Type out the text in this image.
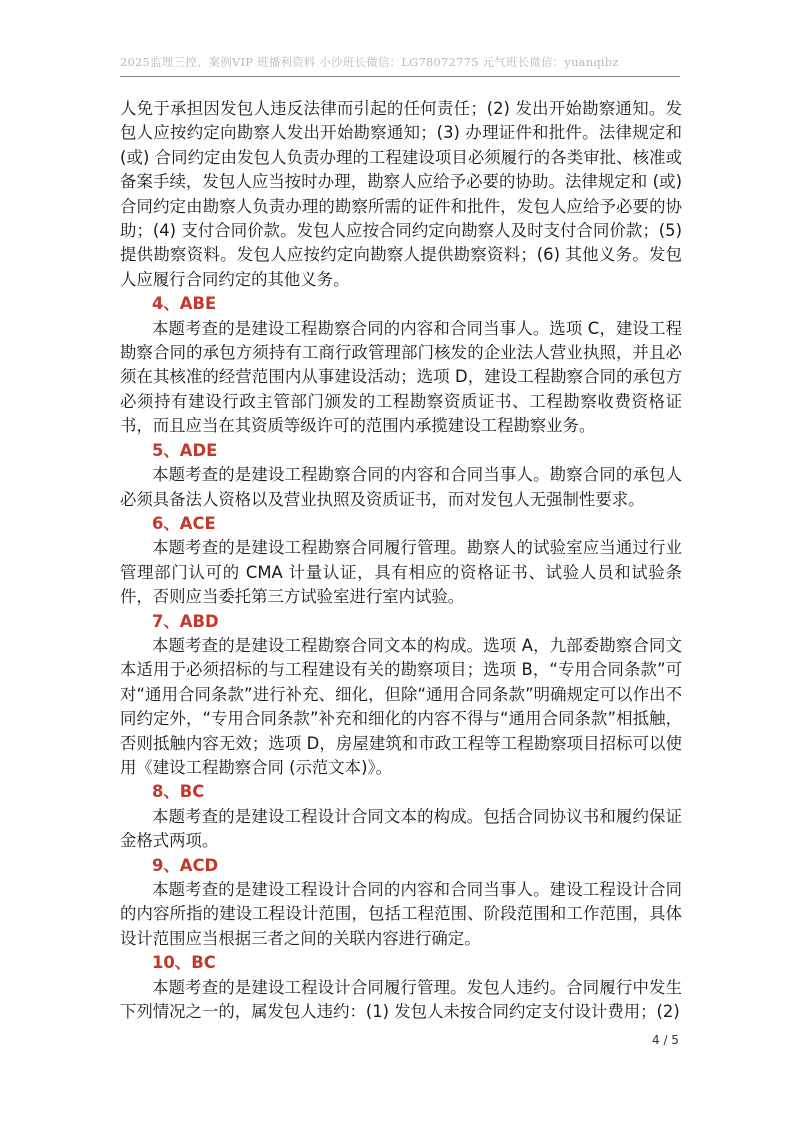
2025监理三控、案例VIP 班播利资料 小沙班长微信：LG78072775 元气班长微信：yuanqibz

人免于承担因发包人违反法律而引起的任何责任；(2) 发出开始勘察通知。发包人应按约定向勘察人发出开始勘察通知；(3) 办理证件和批件。法律规定和 (或) 合同约定由发包人负责办理的工程建设项目必须履行的各类审批、核准或备案手续，发包人应当按时办理，勘察人应给予必要的协助。法律规定和 (或) 合同约定由勘察人负责办理的勘察所需的证件和批件，发包人应给予必要的协助；(4) 支付合同价款。发包人应按合同约定向勘察人及时支付合同价款；(5) 提供勘察资料。发包人应按约定向勘察人提供勘察资料；(6) 其他义务。发包人应履行合同约定的其他义务。

4、ABE

本题考查的是建设工程勘察合同的内容和合同当事人。选项 C，建设工程勘察合同的承包方须持有工商行政管理部门核发的企业法人营业执照，并且必须在其核准的经营范围内从事建设活动；选项 D，建设工程勘察合同的承包方必须持有建设行政主管部门颁发的工程勘察资质证书、工程勘察收费资格证书，而且应当在其资质等级许可的范围内承揽建设工程勘察业务。

5、ADE

本题考查的是建设工程勘察合同的内容和合同当事人。勘察合同的承包人必须具备法人资格以及营业执照及资质证书，而对发包人无强制性要求。

6、ACE

本题考查的是建设工程勘察合同履行管理。勘察人的试验室应当通过行业管理部门认可的 CMA 计量认证，具有相应的资格证书、试验人员和试验条件，否则应当委托第三方试验室进行室内试验。

7、ABD

本题考查的是建设工程勘察合同文本的构成。选项 A，九部委勘察合同文本适用于必须招标的与工程建设有关的勘察项目；选项 B，“专用合同条款”可对“通用合同条款”进行补充、细化，但除“通用合同条款”明确规定可以作出不同约定外，“专用合同条款”补充和细化的内容不得与“通用合同条款”相抵触，否则抵触内容无效；选项 D，房屋建筑和市政工程等工程勘察项目招标可以使用《建设工程勘察合同 (示范文本)》。

8、BC

本题考查的是建设工程设计合同文本的构成。包括合同协议书和履约保证金格式两项。

9、ACD

本题考查的是建设工程设计合同的内容和合同当事人。建设工程设计合同的内容所指的建设工程设计范围，包括工程范围、阶段范围和工作范围，具体设计范围应当根据三者之间的关联内容进行确定。

10、BC

本题考查的是建设工程设计合同履行管理。发包人违约。合同履行中发生下列情况之一的，属发包人违约：(1) 发包人未按合同约定支付设计费用；(2)

4 / 5
